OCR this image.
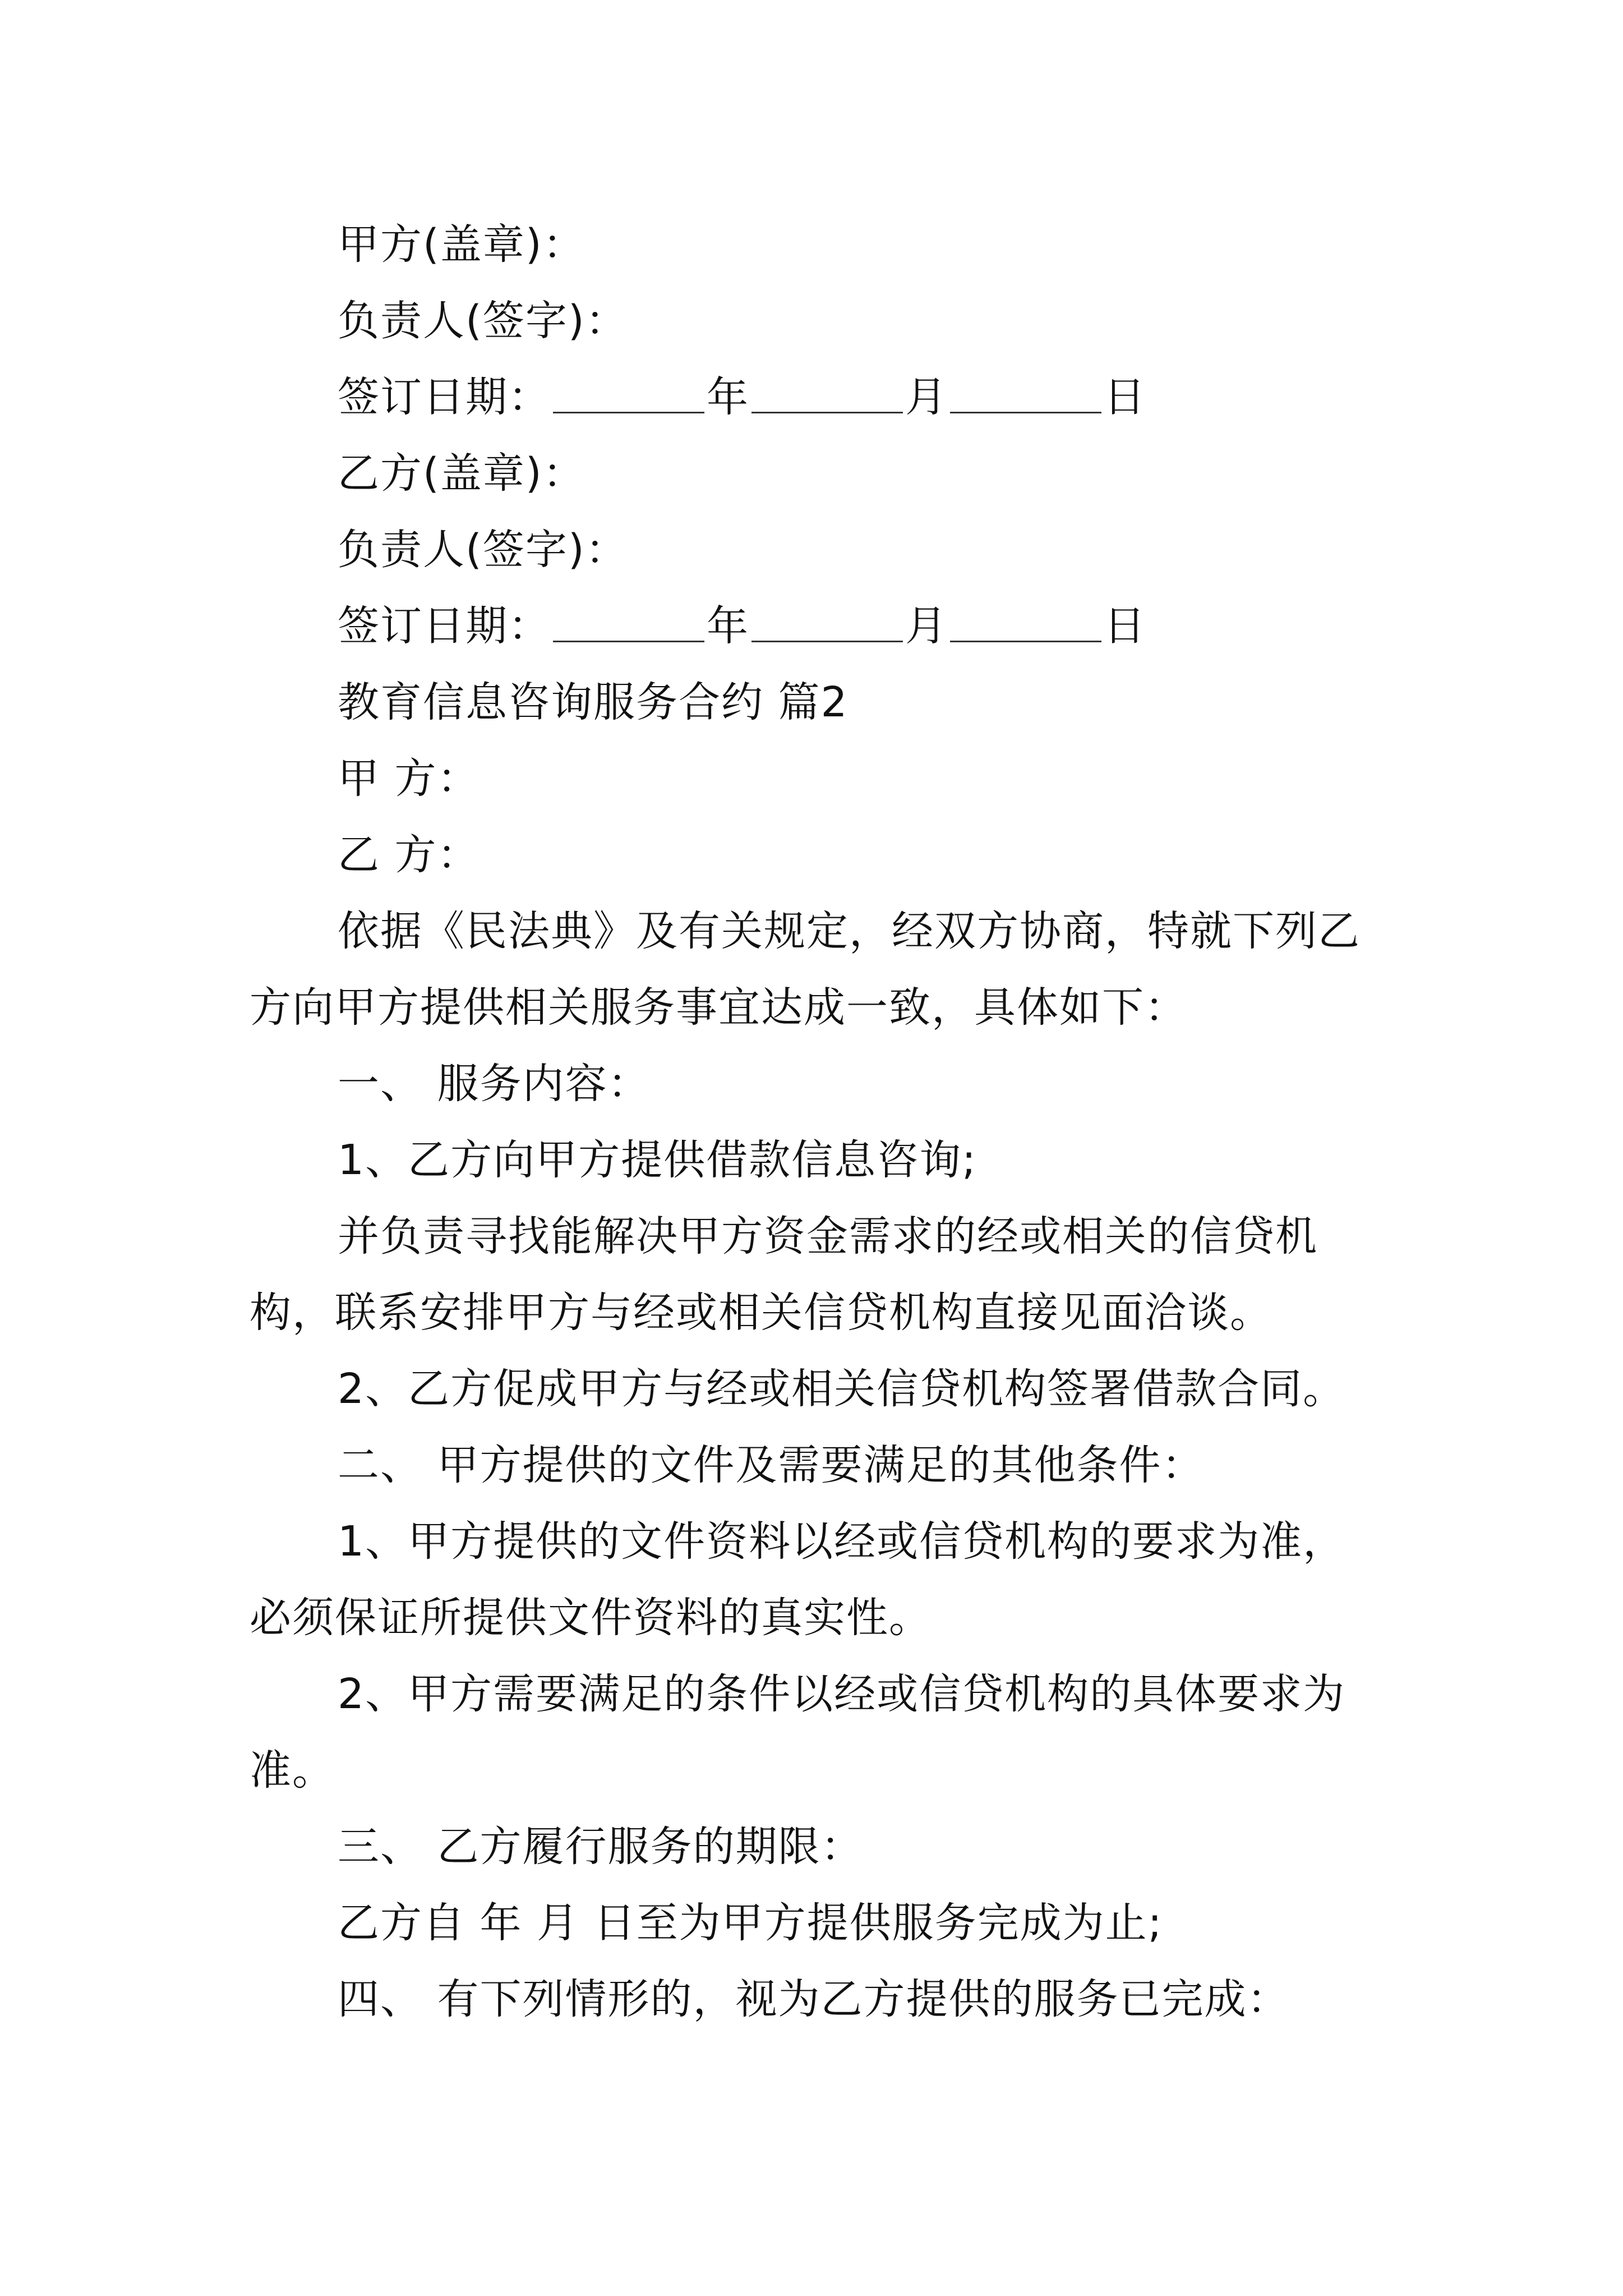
甲方(盖章)：
负责人(签字)：
签订日期：	年	月	日
乙方(盖章)：
负责人(签字)：
签订日期：	年	月	日
教育信息咨询服务合约 篇2
甲 方：
乙 方：
依据《民法典》及有关规定，经双方协商，特就下列乙
方向甲方提供相关服务事宜达成一致，具体如下：
一、 服务内容：
1、乙方向甲方提供借款信息咨询;
并负责寻找能解决甲方资金需求的经或相关的信贷机
构，联系安排甲方与经或相关信贷机构直接见面洽谈。
2、乙方促成甲方与经或相关信贷机构签署借款合同。
二、 甲方提供的文件及需要满足的其他条件：
1、甲方提供的文件资料以经或信贷机构的要求为准，
必须保证所提供文件资料的真实性。
2、甲方需要满足的条件以经或信贷机构的具体要求为
准。
三、 乙方履行服务的期限：
乙方自 年 月 日至为甲方提供服务完成为止;
四、 有下列情形的，视为乙方提供的服务已完成：
